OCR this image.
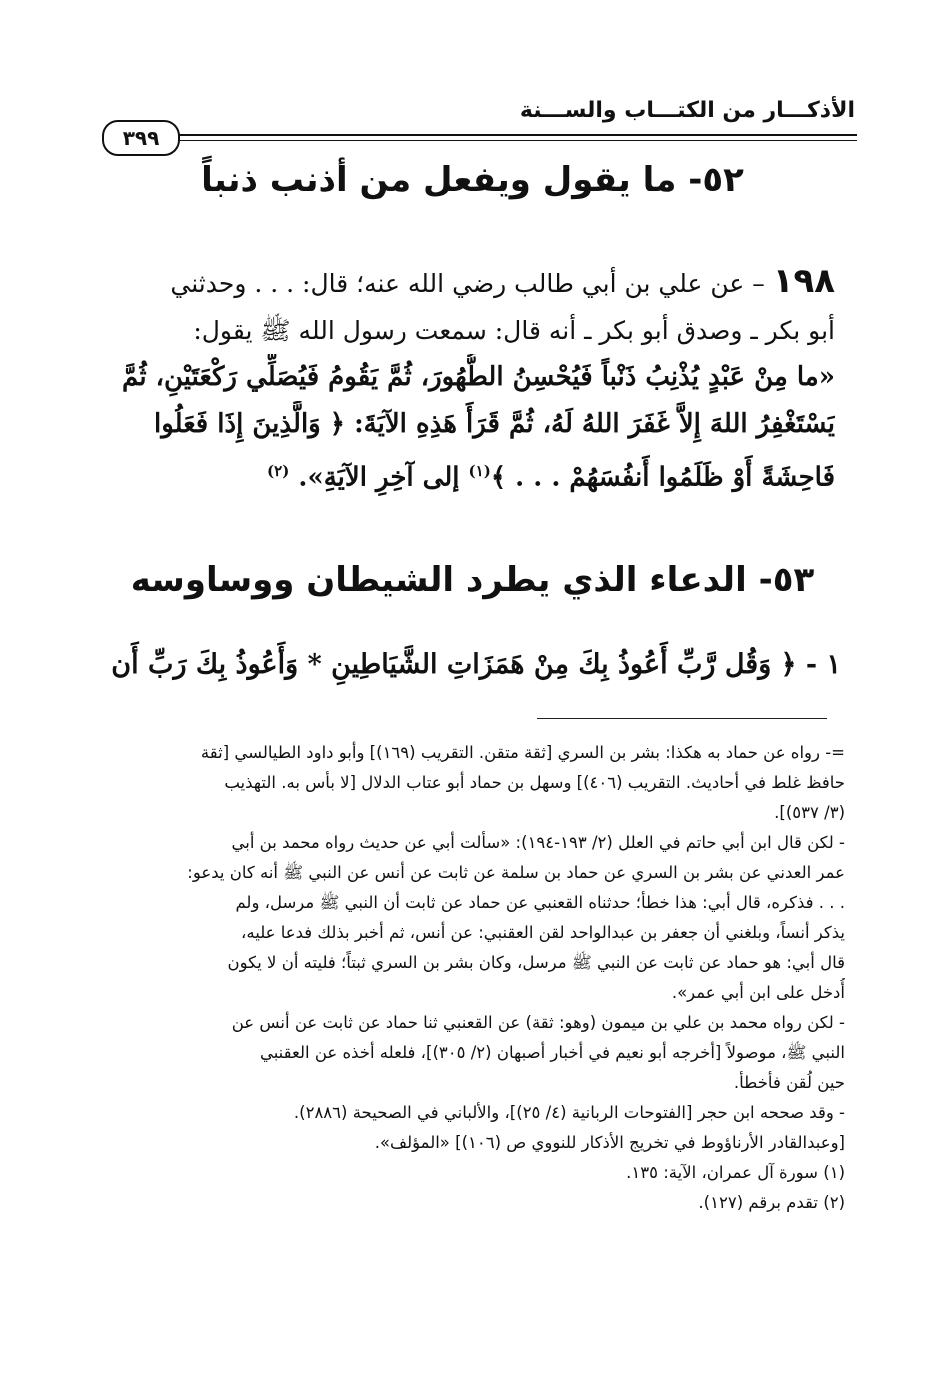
الأذكـــار من الكتـــاب والســـنة
٣٩٩
٥٢- ما يقول ويفعل من أذنب ذنباً
١٩٨ – عن علي بن أبي طالب رضي الله عنه؛ قال: . . . وحدثني
أبو بكر ـ وصدق أبو بكر ـ أنه قال: سمعت رسول الله ﷺ يقول:
«ما مِنْ عَبْدٍ يُذْنِبُ ذَنْباً فَيُحْسِنُ الطُّهُورَ، ثُمَّ يَقُومُ فَيُصَلِّي رَكْعَتَيْنِ، ثُمَّ
يَسْتَغْفِرُ اللهَ إِلاَّ غَفَرَ اللهُ لَهُ، ثُمَّ قَرَأَ هَذِهِ الآيَةَ: ﴿ وَالَّذِينَ إِذَا فَعَلُوا
فَاحِشَةً أَوْ ظَلَمُوا أَنفُسَهُمْ . . . ﴾$^{(١)}$ إلى آخِرِ الآيَةِ». $^{(٢)}$
٥٣- الدعاء الذي يطرد الشيطان ووساوسه
١ - ﴿ وَقُل رَّبِّ أَعُوذُ بِكَ مِنْ هَمَزَاتِ الشَّيَاطِينِ * وَأَعُوذُ بِكَ رَبِّ أَن
=- رواه عن حماد به هكذا: بشر بن السري [ثقة متقن. التقريب (١٦٩)] وأبو داود الطيالسي [ثقة
حافظ غلط في أحاديث. التقريب (٤٠٦)] وسهل بن حماد أبو عتاب الدلال [لا بأس به. التهذيب
(٣/ ٥٣٧)].
- لكن قال ابن أبي حاتم في العلل (٢/ ١٩٣-١٩٤): «سألت أبي عن حديث رواه محمد بن أبي
عمر العدني عن بشر بن السري عن حماد بن سلمة عن ثابت عن أنس عن النبي ﷺ أنه كان يدعو:
. . . فذكره، قال أبي: هذا خطأ؛ حدثناه القعنبي عن حماد عن ثابت أن النبي ﷺ مرسل، ولم
يذكر أنساً، وبلغني أن جعفر بن عبدالواحد لقن العقنبي: عن أنس، ثم أخبر بذلك فدعا عليه،
قال أبي: هو حماد عن ثابت عن النبي ﷺ مرسل، وكان بشر بن السري ثبتاً؛ فليته أن لا يكون
أُدخل على ابن أبي عمر».
- لكن رواه محمد بن علي بن ميمون (وهو: ثقة) عن القعنبي ثنا حماد عن ثابت عن أنس عن
النبي ﷺ، موصولاً [أخرجه أبو نعيم في أخبار أصبهان (٢/ ٣٠٥)]، فلعله أخذه عن العقنبي
حين لُقن فأخطأ.
- وقد صححه ابن حجر [الفتوحات الربانية (٤/ ٢٥)]، والألباني في الصحيحة (٢٨٨٦).
[وعبدالقادر الأرناؤوط في تخريج الأذكار للنووي ص (١٠٦)] «المؤلف».
(١) سورة آل عمران، الآية: ١٣٥.
(٢) تقدم برقم (١٢٧).
